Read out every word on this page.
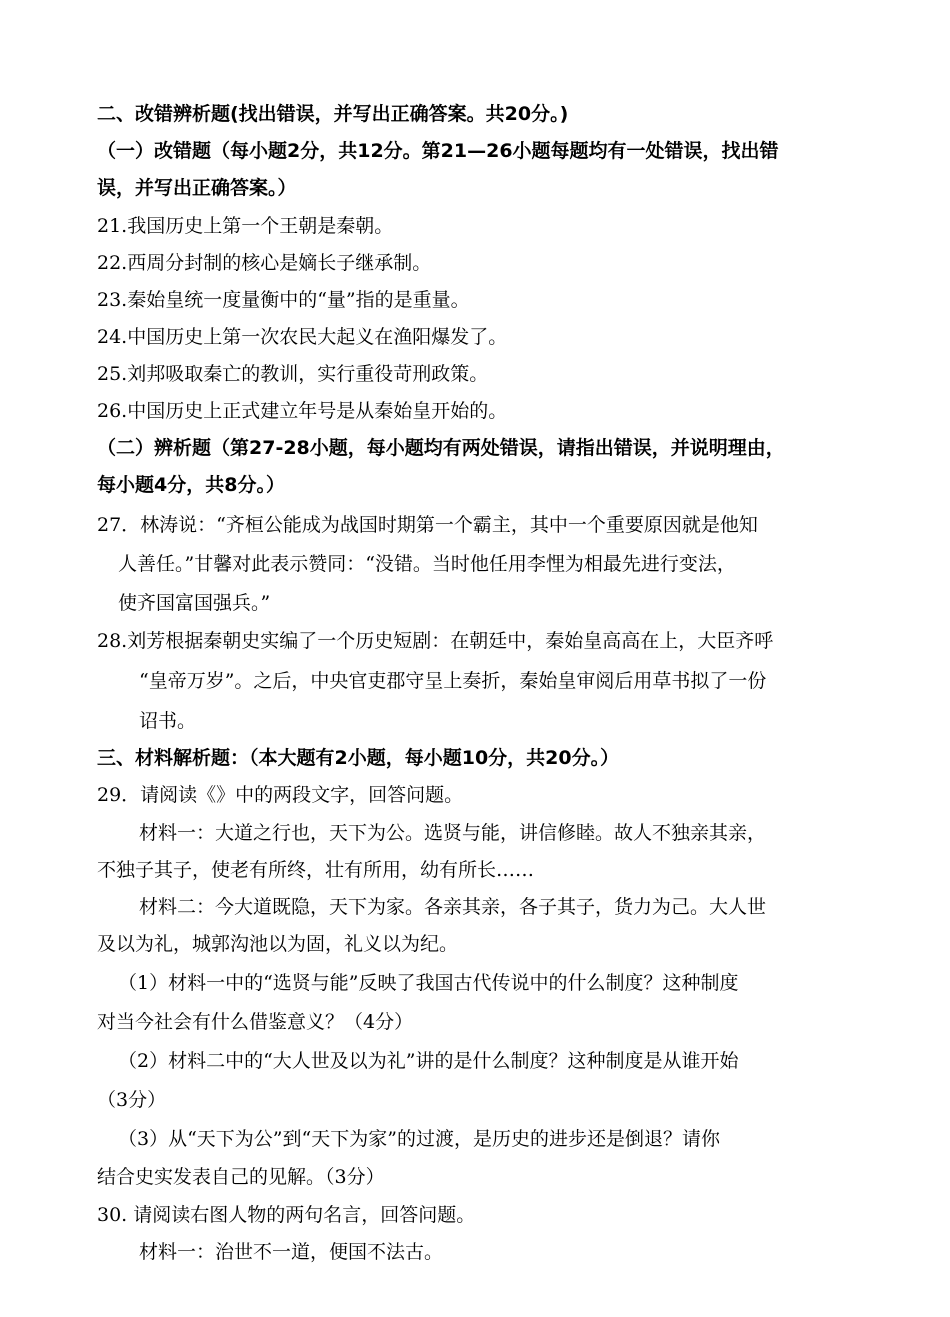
二、改错辨析题(找出错误，并写出正确答案。共20分。)
（一）改错题（每小题2分，共12分。第21—26小题每题均有一处错误，找出错
误，并写出正确答案。）
21.我国历史上第一个王朝是秦朝。
22.西周分封制的核心是嫡长子继承制。
23.秦始皇统一度量衡中的“量”指的是重量。
24.中国历史上第一次农民大起义在渔阳爆发了。
25.刘邦吸取秦亡的教训，实行重役苛刑政策。
26.中国历史上正式建立年号是从秦始皇开始的。
（二）辨析题（第27-28小题，每小题均有两处错误，请指出错误，并说明理由，
每小题4分，共8分。）
27．林涛说：“齐桓公能成为战国时期第一个霸主，其中一个重要原因就是他知
人善任。”甘馨对此表示赞同：“没错。当时他任用李悝为相最先进行变法，
使齐国富国强兵。”
28.刘芳根据秦朝史实编了一个历史短剧：在朝廷中，秦始皇高高在上，大臣齐呼
“皇帝万岁”。之后，中央官吏郡守呈上奏折，秦始皇审阅后用草书拟了一份
诏书。
三、材料解析题：（本大题有2小题，每小题10分，共20分。）
29．请阅读《》中的两段文字，回答问题。
材料一：大道之行也，天下为公。选贤与能，讲信修睦。故人不独亲其亲，
不独子其子，使老有所终，壮有所用，幼有所长……
材料二：今大道既隐，天下为家。各亲其亲，各子其子，货力为己。大人世
及以为礼，城郭沟池以为固，礼义以为纪。
（1）材料一中的“选贤与能”反映了我国古代传说中的什么制度？这种制度
对当今社会有什么借鉴意义？（4分）
（2）材料二中的“大人世及以为礼”讲的是什么制度？这种制度是从谁开始
（3分）
（3）从“天下为公”到“天下为家”的过渡，是历史的进步还是倒退？请你
结合史实发表自己的见解。（3分）
30. 请阅读右图人物的两句名言，回答问题。
材料一：治世不一道，便国不法古。
